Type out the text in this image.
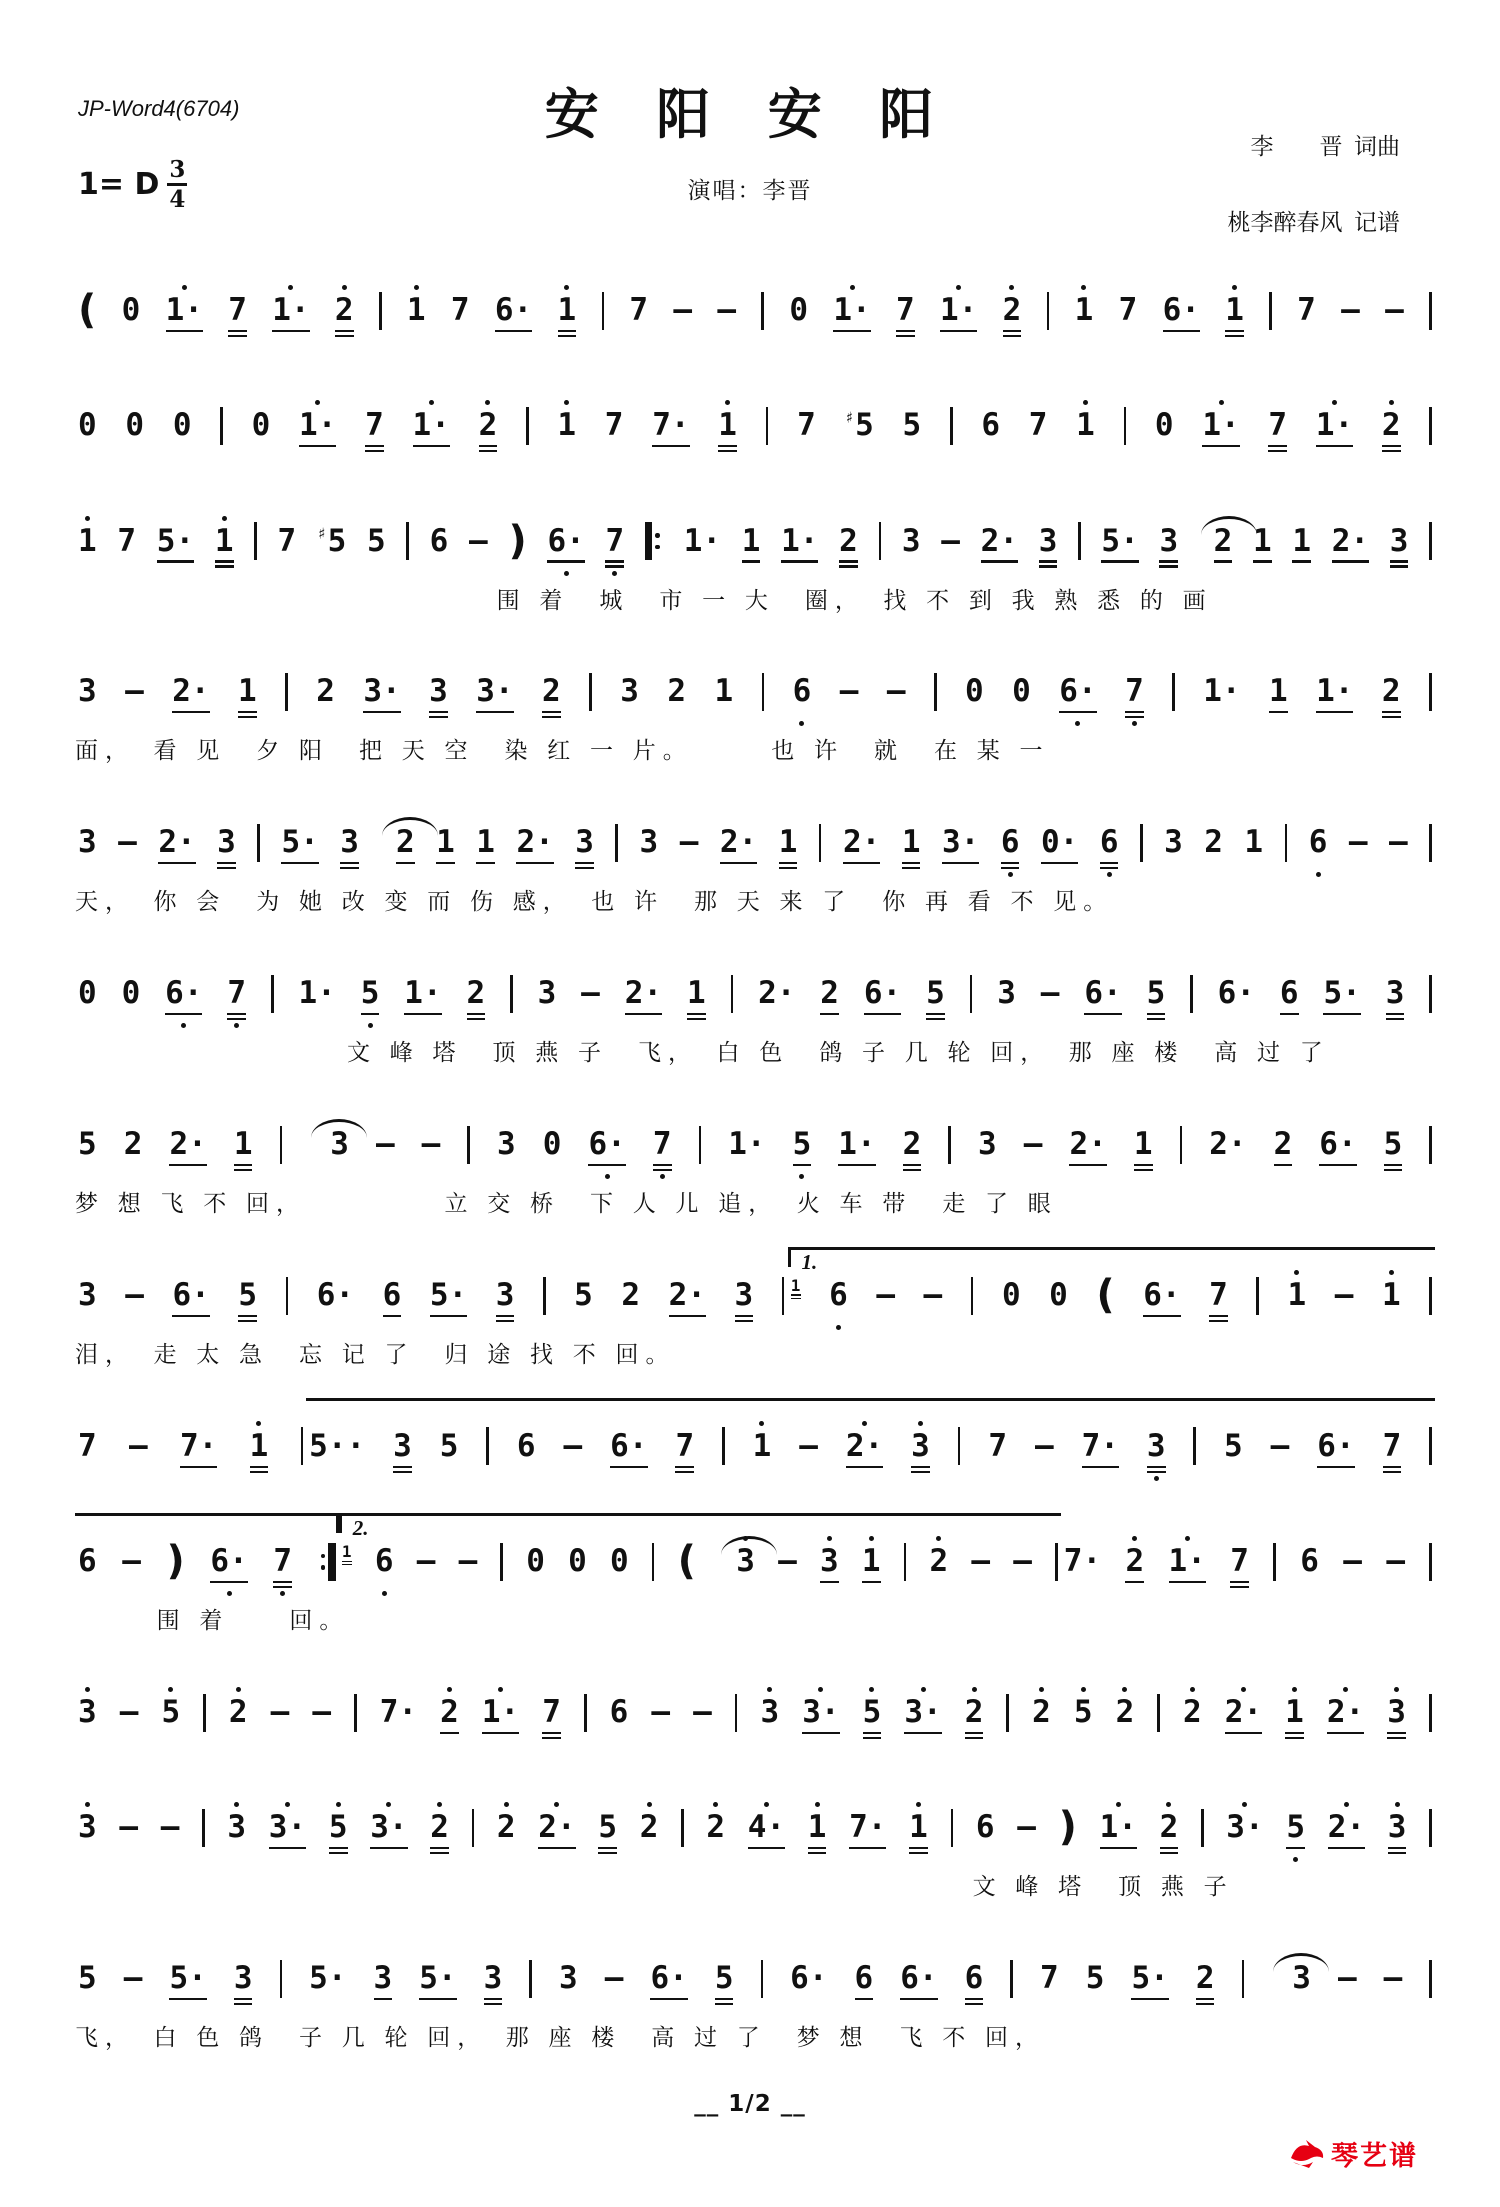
JP-Word4(6704)	安 阳 安 阳
李　　晋  词曲

桃李醉春风  记谱
演唱：李晋
1= D $\frac{3}{4}$
( 0 1· 7 1· 2 1 7 6· 1 7 – – 0 1· 7 1· 2 1 7 6· 1 7 – –
0 0 0 0 1· 7 1· 2 1 7 7· 1 7 ♯ 5 5 6 7 1 0 1· 7 1· 2
1 7 5· 1 7 ♯ 5 5 6 – ) 6· 7 1· 1 1· 2 3 – 2· 3 5· 3 2 1 1 2· 3
围 着　城　市 一 大　圈，　找 不 到 我 熟 悉 的 画
3 – 2· 1 2 3· 3 3· 2 3 2 1 6 – – 0 0 6· 7 1· 1 1· 2
面，　看 见　夕 阳　把 天 空　染 红 一 片。　　　也 许　就　在 某 一
3 – 2· 3 5· 3 2 1 1 2· 3 3 – 2· 1 2· 1 3· 6 0· 6 3 2 1 6 – –
天，　你 会　为 她 改 变 而 伤 感，　也 许　那 天 来 了　你 再 看 不 见。
0 0 6· 7 1· 5 1· 2 3 – 2· 1 2· 2 6· 5 3 – 6· 5 6· 6 5· 3
文 峰 塔　顶 燕 子　飞，　白 色　鸽 子 几 轮 回，　那 座 楼　高 过 了
5 2 2· 1	3 – – 3 0 6· 7 1· 5 1· 2 3 – 2· 1 2· 2 6· 5
梦 想 飞 不 回，　　　　　立 交 桥　下 人 儿 追，　火 车 带　走 了 眼
3 – 6· 5 6· 6 5· 3 5 2 2· 3
1.
1 6 – – 0 0 ( 6· 7 1 – 1
泪，　走 太 急　忘 记 了　归 途 找 不 回。
7 – 7· 1 5·· 3 5 6 – 6· 7 1 – 2· 3 7 – 7· 3 5 – 6· 7
6 – ) 6· 7
2.
1 6 – – 0 0 0 ( 3 – 3 1 2 – – 7· 2 1· 7 6 – –
围 着　　回。
3 – 5 2 – – 7· 2 1· 7 6 – – 3 3· 5 3· 2 2 5 2 2 2· 1 2· 3
3 – – 3 3· 5 3· 2 2 2· 5 2 2 4· 1 7· 1 6 – ) 1· 2 3· 5 2· 3
文 峰 塔　顶 燕 子
5 – 5· 3 5· 3 5· 3 3 – 6· 5 6· 6 6· 6 7 5 5· 2	3 – –
飞，　白 色 鸽　子 几 轮 回，　那 座 楼　高 过 了　梦 想　飞 不 回，
__ 1/2 __
琴艺谱
